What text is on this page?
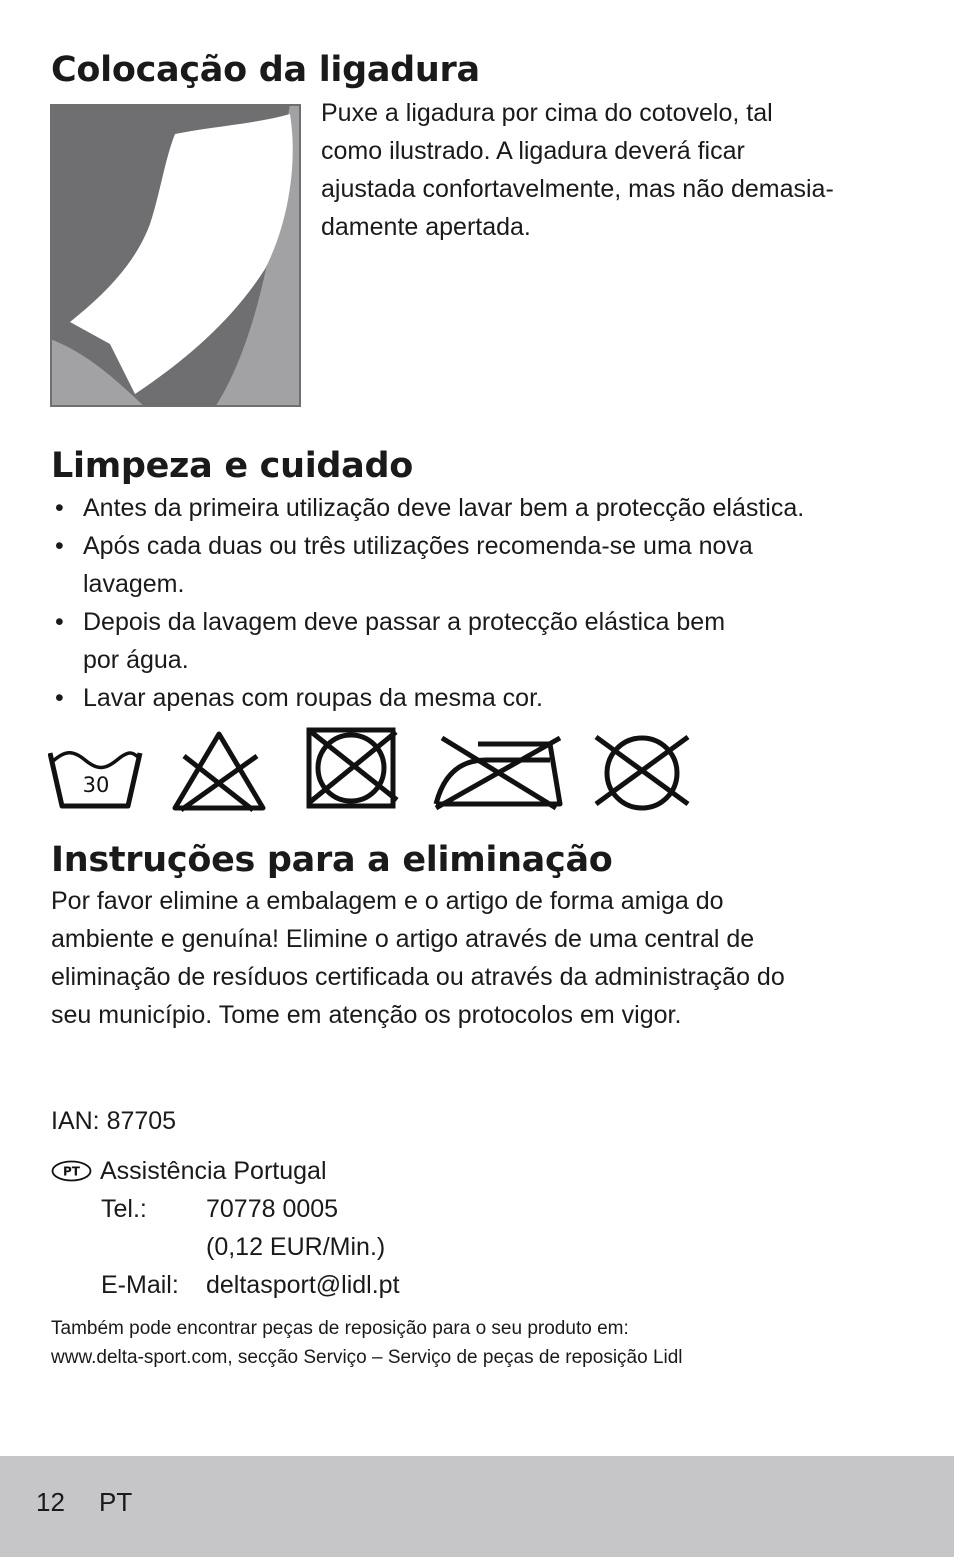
Colocação da ligadura

Puxe a ligadura por cima do cotovelo, tal
como ilustrado. A ligadura deverá ficar
ajustada confortavelmente, mas não demasia-
damente apertada.

Limpeza e cuidado
• Antes da primeira utilização deve lavar bem a protecção elástica.
• Após cada duas ou três utilizações recomenda-se uma nova
lavagem.
• Depois da lavagem deve passar a protecção elástica bem
por água.
• Lavar apenas com roupas da mesma cor.
30
Instruções para a eliminação

Por favor elimine a embalagem e o artigo de forma amiga do
ambiente e genuína! Elimine o artigo através de uma central de
eliminação de resíduos certificada ou através da administração do
seu município. Tome em atenção os protocolos em vigor.

IAN: 87705

PT Assistência Portugal
Tel.: 70778 0005
(0,12 EUR/Min.)
E-Mail: deltasport@lidl.pt

Também pode encontrar peças de reposição para o seu produto em:
www.delta-sport.com, secção Serviço – Serviço de peças de reposição Lidl

12 PT
